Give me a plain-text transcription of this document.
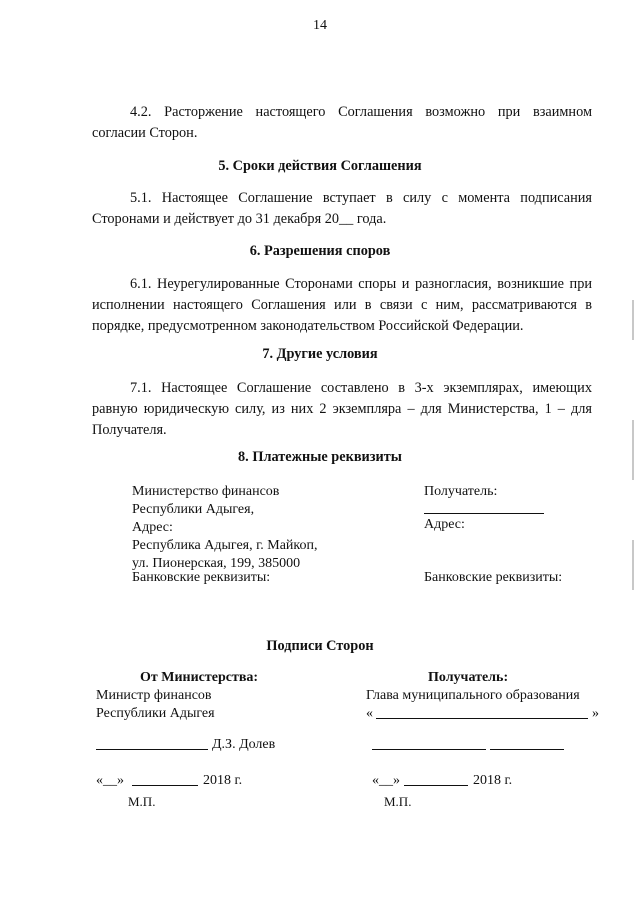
14
4.2. Расторжение настоящего Соглашения возможно при взаимном согласии Сторон.
5. Сроки действия Соглашения
5.1. Настоящее Соглашение вступает в силу с момента подписания Сторонами и действует до 31 декабря 20__ года.
6. Разрешения споров
6.1. Неурегулированные Сторонами споры и разногласия, возникшие при исполнении настоящего Соглашения или в связи с ним, рассматриваются в порядке, предусмотренном законодательством Российской Федерации.
7. Другие условия
7.1. Настоящее Соглашение составлено в 3-х экземплярах, имеющих равную юридическую силу, из них 2 экземпляра – для Министерства, 1 – для Получателя.
8. Платежные реквизиты
Министерство финансов
Республики Адыгея,
Адрес:
Республика Адыгея, г. Майкоп,
ул. Пионерская, 199, 385000
Банковские реквизиты:
Получатель:
Адрес:
Банковские реквизиты:
Подписи Сторон
От Министерства:
Министр финансов
Республики Адыгея
Д.З. Долев
«__»	2018 г.
М.П.
Получатель:
Глава муниципального образования
«	»
«__»	2018 г.
М.П.
